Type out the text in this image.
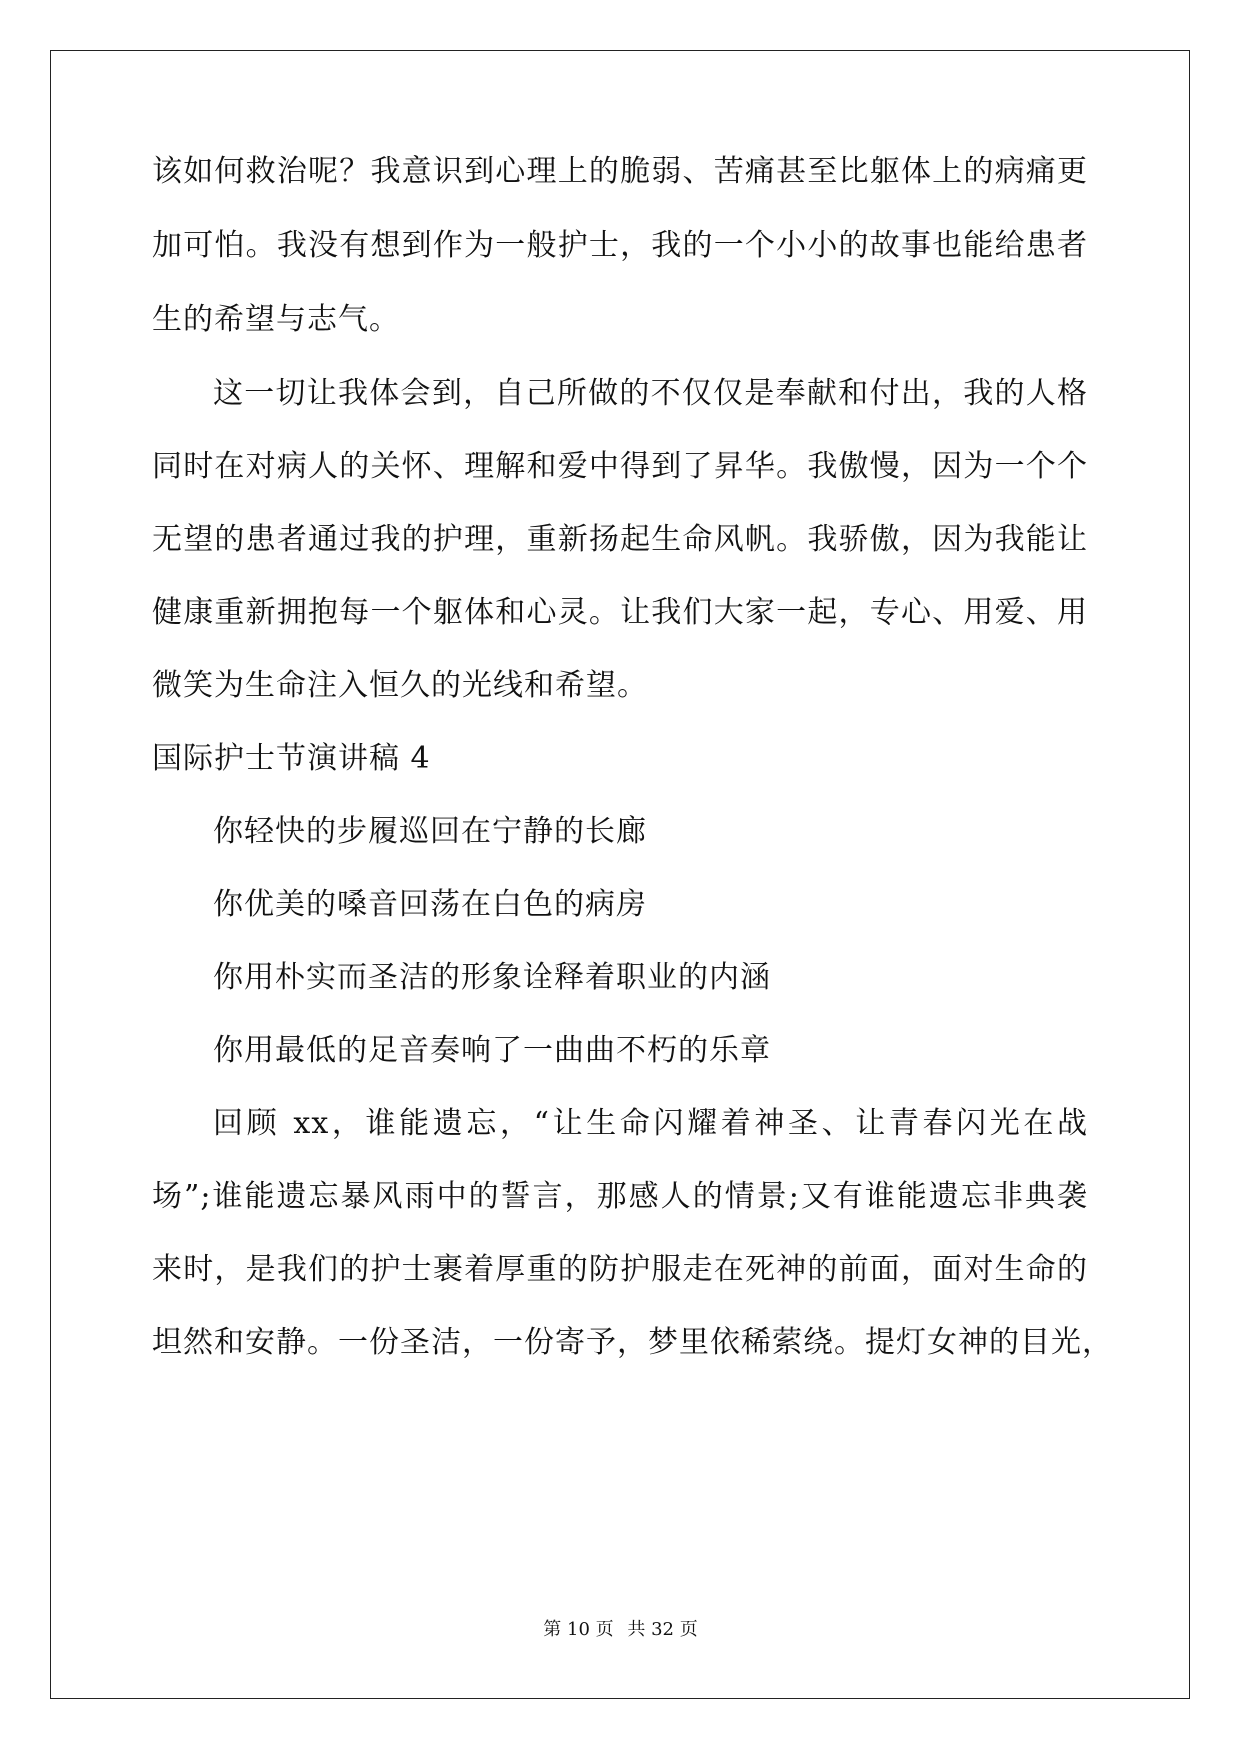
该如何救治呢？我意识到心理上的脆弱、苦痛甚至比躯体上的病痛更
加可怕。我没有想到作为一般护士，我的一个小小的故事也能给患者
生的希望与志气。
这一切让我体会到，自己所做的不仅仅是奉献和付出，我的人格
同时在对病人的关怀、理解和爱中得到了昇华。我傲慢，因为一个个
无望的患者通过我的护理，重新扬起生命风帆。我骄傲，因为我能让
健康重新拥抱每一个躯体和心灵。让我们大家一起，专心、用爱、用
微笑为生命注入恒久的光线和希望。
国际护士节演讲稿 4
你轻快的步履巡回在宁静的长廊
你优美的嗓音回荡在白色的病房
你用朴实而圣洁的形象诠释着职业的内涵
你用最低的足音奏响了一曲曲不朽的乐章
回顾 xx，谁能遗忘，“让生命闪耀着神圣、让青春闪光在战
场”;谁能遗忘暴风雨中的誓言，那感人的情景;又有谁能遗忘非典袭
来时，是我们的护士裹着厚重的防护服走在死神的前面，面对生命的
坦然和安静。一份圣洁，一份寄予，梦里依稀萦绕。提灯女神的目光，
第 10 页 共 32 页
